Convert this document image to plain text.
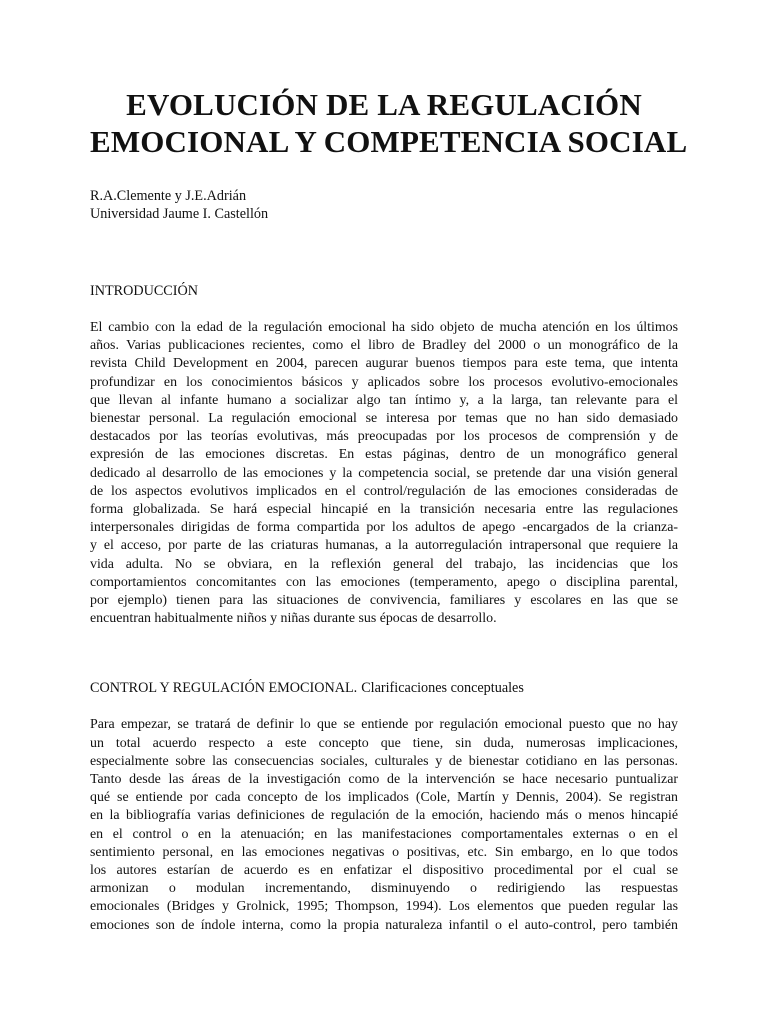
EVOLUCIÓN DE LA REGULACIÓN
EMOCIONAL Y COMPETENCIA SOCIAL
R.A.Clemente y J.E.Adrián
Universidad Jaume I. Castellón
INTRODUCCIÓN
El cambio con la edad de la regulación emocional ha sido objeto de mucha atención en los últimos
años. Varias publicaciones recientes, como el libro de Bradley del 2000 o un monográfico de la
revista Child Development en 2004, parecen augurar buenos tiempos para este tema, que intenta
profundizar en los conocimientos básicos y aplicados sobre los procesos evolutivo-emocionales
que llevan al infante humano a socializar algo tan íntimo y, a la larga, tan relevante para el
bienestar personal. La regulación emocional se interesa por temas que no han sido demasiado
destacados por las teorías evolutivas, más preocupadas por los procesos de comprensión y de
expresión de las emociones discretas. En estas páginas, dentro de un monográfico general
dedicado al desarrollo de las emociones y la competencia social, se pretende dar una visión general
de los aspectos evolutivos implicados en el control/regulación de las emociones consideradas de
forma globalizada. Se hará especial hincapié en la transición necesaria entre las regulaciones
interpersonales dirigidas de forma compartida por los adultos de apego -encargados de la crianza-
y el acceso, por parte de las criaturas humanas, a la autorregulación intrapersonal que requiere la
vida adulta. No se obviara, en la reflexión general del trabajo, las incidencias que los
comportamientos concomitantes con las emociones (temperamento, apego o disciplina parental,
por ejemplo) tienen para las situaciones de convivencia, familiares y escolares en las que se
encuentran habitualmente niños y niñas durante sus épocas de desarrollo.
CONTROL Y REGULACIÓN EMOCIONAL. Clarificaciones conceptuales
Para empezar, se tratará de definir lo que se entiende por regulación emocional puesto que no hay
un total acuerdo respecto a este concepto que tiene, sin duda, numerosas implicaciones,
especialmente sobre las consecuencias sociales, culturales y de bienestar cotidiano en las personas.
Tanto desde las áreas de la investigación como de la intervención se hace necesario puntualizar
qué se entiende por cada concepto de los implicados (Cole, Martín y Dennis, 2004). Se registran
en la bibliografía varias definiciones de regulación de la emoción, haciendo más o menos hincapié
en el control o en la atenuación; en las manifestaciones comportamentales externas o en el
sentimiento personal, en las emociones negativas o positivas, etc. Sin embargo, en lo que todos
los autores estarían de acuerdo es en enfatizar el dispositivo procedimental por el cual se
armonizan o modulan incrementando, disminuyendo o redirigiendo las respuestas
emocionales (Bridges y Grolnick, 1995; Thompson, 1994). Los elementos que pueden regular las
emociones son de índole interna, como la propia naturaleza infantil o el auto-control, pero también
